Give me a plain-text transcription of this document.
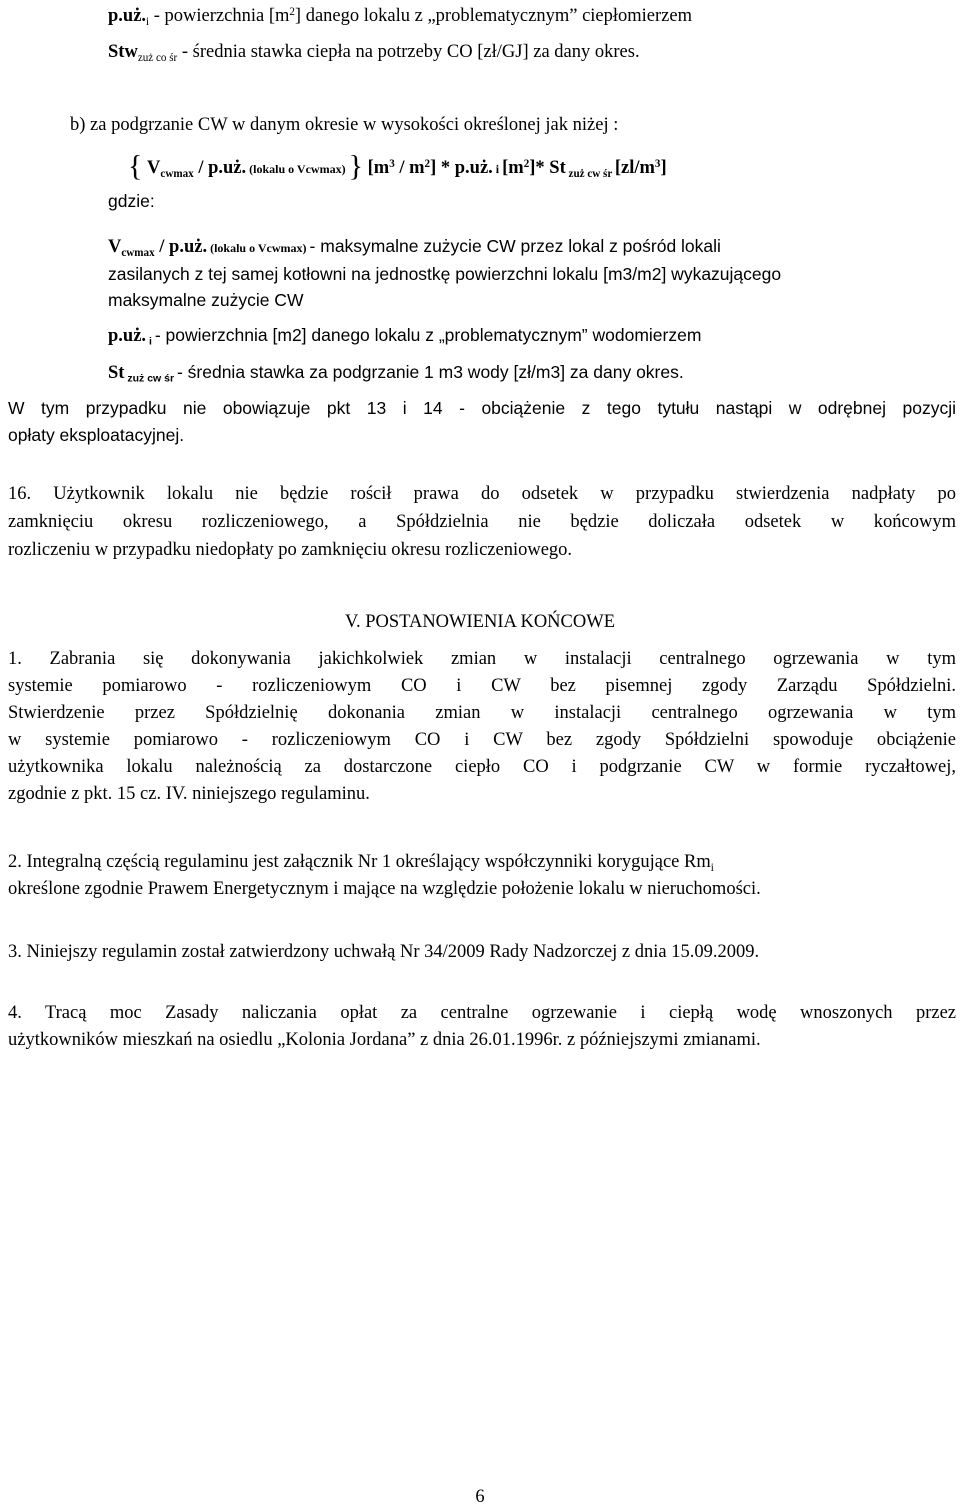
$p.uż._i$ - powierzchnia $[m^2]$ danego lokalu z „problematycznym” ciepłomierzem
Stw$_{zuż co śr}$ - średnia stawka ciepła na potrzeby CO [zł/GJ] za dany okres.
b) za podgrzanie CW w danym okresie w wysokości określonej jak niżej :
{ $V_{cwmax}$ / p.uż. (lokalu o Vcwmax) } $[m^3 / m^2]$ * p.uż. i $[m^2]*$ St $_{zuż cw śr}$ $[zl/m^3]$
gdzie:
$V_{cwmax}$ / p.uż. (lokalu o Vcwmax) - maksymalne zużycie CW przez lokal z pośród lokali
zasilanych z tej samej kotłowni na jednostkę powierzchni lokalu [m3/m2] wykazującego
maksymalne zużycie CW
p.uż. $_i$ - powierzchnia [m2] danego lokalu z „problematycznym” wodomierzem
St $_{zuż cw śr}$ - średnia stawka za podgrzanie 1 m3 wody [zł/m3] za dany okres.
W tym przypadku nie obowiązuje pkt 13 i 14 - obciążenie z tego tytułu nastąpi w odrębnej pozycji
opłaty eksploatacyjnej.
16. Użytkownik lokalu nie będzie rościł prawa do odsetek w przypadku stwierdzenia nadpłaty po
zamknięciu okresu rozliczeniowego, a Spółdzielnia nie będzie doliczała odsetek w końcowym
rozliczeniu w przypadku niedopłaty po zamknięciu okresu rozliczeniowego.
V. POSTANOWIENIA KOŃCOWE
1. Zabrania się dokonywania jakichkolwiek zmian w instalacji centralnego ogrzewania w tym
systemie pomiarowo - rozliczeniowym CO i CW bez pisemnej zgody Zarządu Spółdzielni.
Stwierdzenie przez Spółdzielnię dokonania zmian w instalacji centralnego ogrzewania w tym
w systemie pomiarowo - rozliczeniowym CO i CW bez zgody Spółdzielni spowoduje obciążenie
użytkownika lokalu należnością za dostarczone ciepło CO i podgrzanie CW w formie ryczałtowej,
zgodnie z pkt. 15 cz. IV. niniejszego regulaminu.
2. Integralną częścią regulaminu jest załącznik Nr 1 określający współczynniki korygujące $Rm_i$
określone zgodnie Prawem Energetycznym i mające na względzie położenie lokalu w nieruchomości.
3. Niniejszy regulamin został zatwierdzony uchwałą Nr 34/2009 Rady Nadzorczej z dnia 15.09.2009.
4. Tracą moc Zasady naliczania opłat za centralne ogrzewanie i ciepłą wodę wnoszonych przez
użytkowników mieszkań na osiedlu „Kolonia Jordana” z dnia 26.01.1996r. z późniejszymi zmianami.
6
